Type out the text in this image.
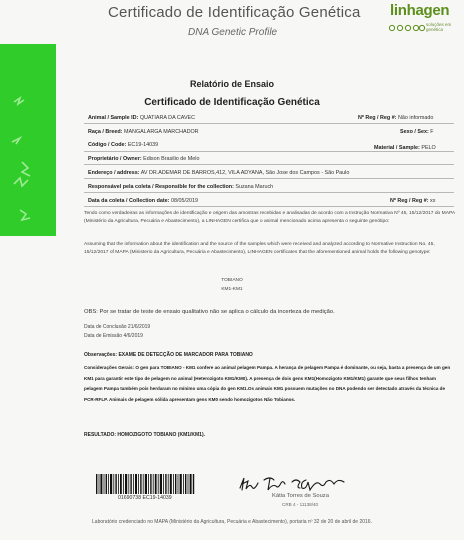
Certificado de Identificação Genética
DNA Genetic Profile
linhagen
soluções em genética
Relatório de Ensaio
Certificado de Identificação Genética
Animal / Sample ID: QUATIARA DA CAVEC	Nº Reg / Reg #: Não informado
Raça / Breed: MANGALARGA MARCHADOR	Sexo / Sex: F
Código / Code: EC19-14039	Material / Sample: PELO
Proprietário / Owner: Edison Brasilio de Melo
Endereço / address: AV DR.ADEMAR DE BARROS,412, VILA ADYANA, São Jose dos Campos - São Paulo
Responsável pela coleta / Responsible for the collection: Suzana Maruch
Data da coleta / Collection date: 08/05/2019	Nº Reg / Reg #: xx
Tendo como verdadeiras as informações de identificação e origem das amostras recebidas e analisadas de acordo com a Instrução Normativa Nº 45, 15/12/2017 do MAPA (Ministério da Agricultura, Pecuária e Abastecimento), a LINHAGEN certifica que o animal mencionado acima apresenta o seguinte genótipo:
Assuming that the information about the identification and the source of the samples which were received and analyzed according to Normative Instruction No. 45, 15/12/2017 of MAPA (Ministerio da Agricultura, Pecuária e Abastecimento), LINHAGEN certificates that the aforementioned animal holds the following genotype:
TOBIANO
KM1-KM1
OBS: Por se tratar de teste de ensaio qualitativo não se aplica o cálculo da incerteza de medição.
Data de Conclusão 21/6/2019
Data de Emissão 4/6/2019
Observações: EXAME DE DETECÇÃO DE MARCADOR PARA TOBIANO
Considerações Gerais: O gen para TOBIANO - KM1 confere ao animal pelagem Pampa. A herança de pelagem Pampa é dominante, ou seja, basta a presença de um gen KM1 para garantir este tipo de pelagem no animal (Heterozigoto KM1/KM0). A presença de dois gens KM1(Homozigoto KM1/KM1) garante que seus filhos tenham pelagem Pampa também pois herdaram no mínimo uma cópia do gen KM1.Os animais KM1 possuem mutações no DNA podendo ser detectado através da técnica de PCR-RFLP. Animais de pelagem sólida apresentam gens KM0 sendo homozigotos Não Tobianos.
RESULTADO: HOMOZIGOTO TOBIANO (KM1/KM1).
01690738 EC19-14039	Kátia Torres de Souza
CRB 4 - 11138/40
Laboratório credenciado no MAPA (Ministério da Agricultura, Pecuária e Abastecimento), portaria nº 32 de 20 de abril de 2016.
